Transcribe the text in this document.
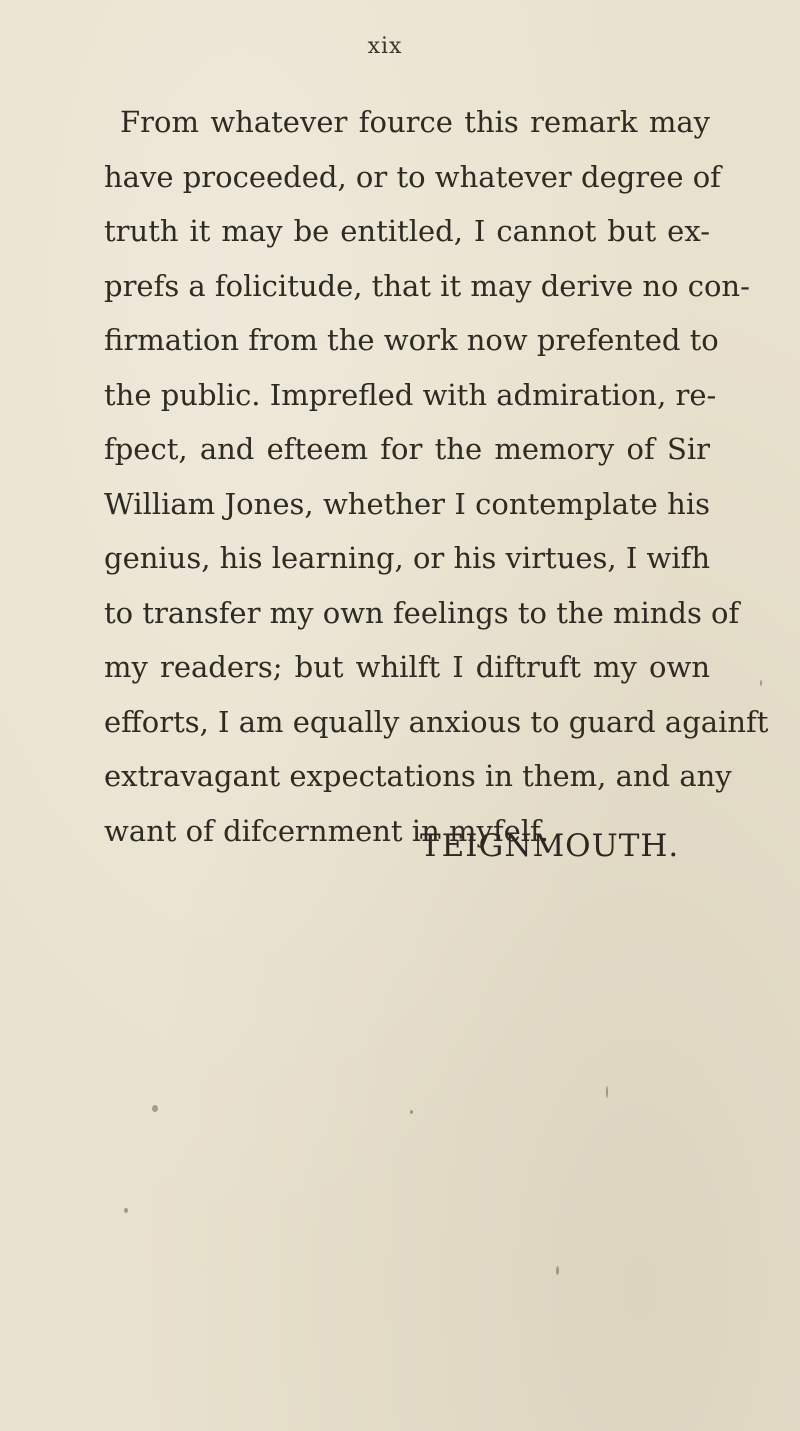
xix
From whatever fource this remark may
have proceeded, or to whatever degree of
truth it may be entitled, I cannot but ex-
prefs a folicitude, that it may derive no con-
firmation from the work now prefented to
the public. Imprefled with admiration, re-
fpect, and efteem for the memory of Sir
William Jones, whether I contemplate his
genius, his learning, or his virtues, I wifh
to transfer my own feelings to the minds of
my readers; but whilft I diftruft my own
efforts, I am equally anxious to guard againft
extravagant expectations in them, and any
want of difcernment in myfelf.
TEIGNMOUTH.
